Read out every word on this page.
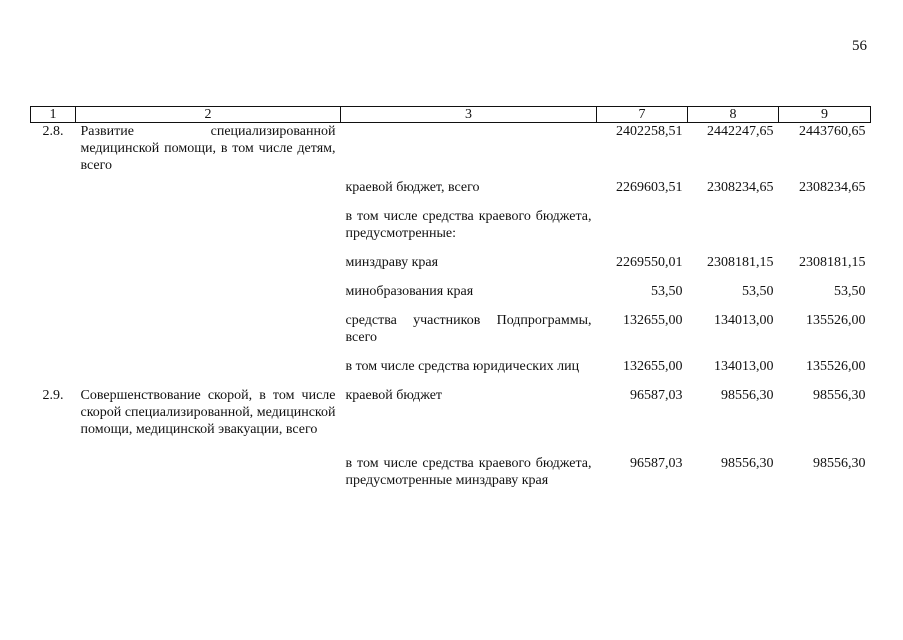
56
1	2	3	7	8	9
2.8.	Развитие специализированной медицинской помощи, в том числе детям, всего		2402258,51	2442247,65	2443760,65
		краевой бюджет, всего	2269603,51	2308234,65	2308234,65

		в том числе средства краевого бюджета, предусмотренные:			

		минздраву края	2269550,01	2308181,15	2308181,15

		минобразования края	53,50	53,50	53,50

		средства участников Подпрограммы, всего	132655,00	134013,00	135526,00

		в том числе средства юридических лиц	132655,00	134013,00	135526,00

2.9.	Совершенствование скорой, в том числе скорой специализированной, медицинской помощи, медицинской эвакуации, всего	краевой бюджет	96587,03	98556,30	98556,30
		в том числе средства краевого бюджета, предусмотренные минздраву края	96587,03	98556,30	98556,30
